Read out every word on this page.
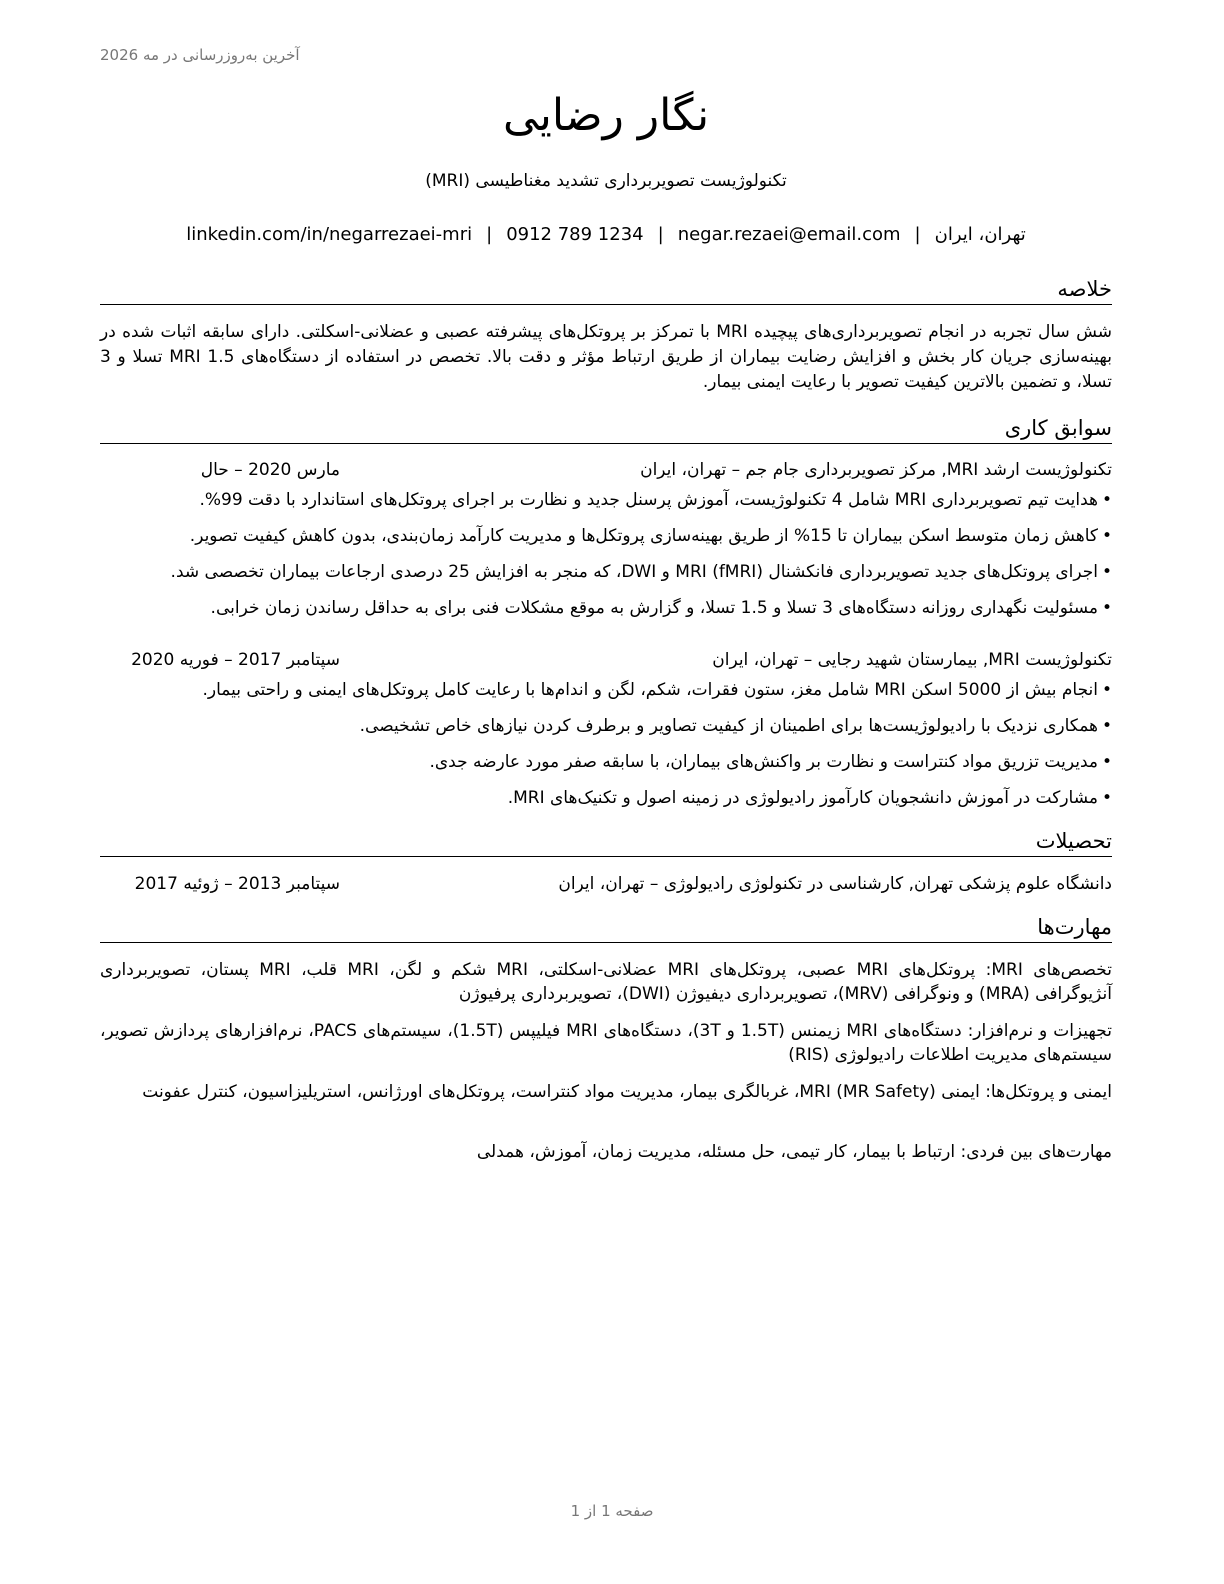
آخرین به‌روزرسانی در مه 2026
نگار رضایی
تکنولوژیست تصویربرداری تشدید مغناطیسی (MRI)
تهران، ایران|negar.rezaei@email.com|0912 789 1234|linkedin.com/in/negarrezaei-mri
خلاصه
شش سال تجربه در انجام تصویربرداری‌های پیچیده MRI با تمرکز بر پروتکل‌های پیشرفته عصبی و عضلانی-اسکلتی. دارای سابقه اثبات شده در بهینه‌سازی جریان کار بخش و افزایش رضایت بیماران از طریق ارتباط مؤثر و دقت بالا. تخصص در استفاده از دستگاه‌های MRI 1.5 تسلا و 3 تسلا، و تضمین بالاترین کیفیت تصویر با رعایت ایمنی بیمار.
سوابق کاری
تکنولوژیست ارشد MRI, مرکز تصویربرداری جام جم – تهران، ایران
مارس 2020 – حال
•هدایت تیم تصویربرداری MRI شامل 4 تکنولوژیست، آموزش پرسنل جدید و نظارت بر اجرای پروتکل‌های استاندارد با دقت 99%.
•کاهش زمان متوسط اسکن بیماران تا 15% از طریق بهینه‌سازی پروتکل‌ها و مدیریت کارآمد زمان‌بندی، بدون کاهش کیفیت تصویر.
•اجرای پروتکل‌های جدید تصویربرداری فانکشنال (MRI (fMRI و DWI، که منجر به افزایش 25 درصدی ارجاعات بیماران تخصصی شد.
•مسئولیت نگهداری روزانه دستگاه‌های 3 تسلا و 1.5 تسلا، و گزارش به موقع مشکلات فنی برای به حداقل رساندن زمان خرابی.
تکنولوژیست MRI, بیمارستان شهید رجایی – تهران، ایران
سپتامبر 2017 – فوریه 2020
•انجام بیش از 5000 اسکن MRI شامل مغز، ستون فقرات، شکم، لگن و اندام‌ها با رعایت کامل پروتکل‌های ایمنی و راحتی بیمار.
•همکاری نزدیک با رادیولوژیست‌ها برای اطمینان از کیفیت تصاویر و برطرف کردن نیازهای خاص تشخیصی.
•مدیریت تزریق مواد کنتراست و نظارت بر واکنش‌های بیماران، با سابقه صفر مورد عارضه جدی.
•مشارکت در آموزش دانشجویان کارآموز رادیولوژی در زمینه اصول و تکنیک‌های MRI.
تحصیلات
دانشگاه علوم پزشکی تهران, کارشناسی در تکنولوژی رادیولوژی – تهران، ایران
سپتامبر 2013 – ژوئیه 2017
مهارت‌ها
تخصص‌های MRI: پروتکل‌های MRI عصبی، پروتکل‌های MRI عضلانی-اسکلتی، MRI شکم و لگن، MRI قلب، MRI پستان، تصویربرداری آنژیوگرافی (MRA) و ونوگرافی (MRV)، تصویربرداری دیفیوژن (DWI)، تصویربرداری پرفیوژن
تجهیزات و نرم‌افزار: دستگاه‌های MRI زیمنس (1.5T و 3T)، دستگاه‌های MRI فیلیپس (1.5T)، سیستم‌های PACS، نرم‌افزارهای پردازش تصویر، سیستم‌های مدیریت اطلاعات رادیولوژی (RIS)
ایمنی و پروتکل‌ها: ایمنی MRI (MR Safety)، غربالگری بیمار، مدیریت مواد کنتراست، پروتکل‌های اورژانس، استریلیزاسیون، کنترل عفونت
مهارت‌های بین فردی: ارتباط با بیمار، کار تیمی، حل مسئله، مدیریت زمان، آموزش، همدلی
صفحه 1 از 1
